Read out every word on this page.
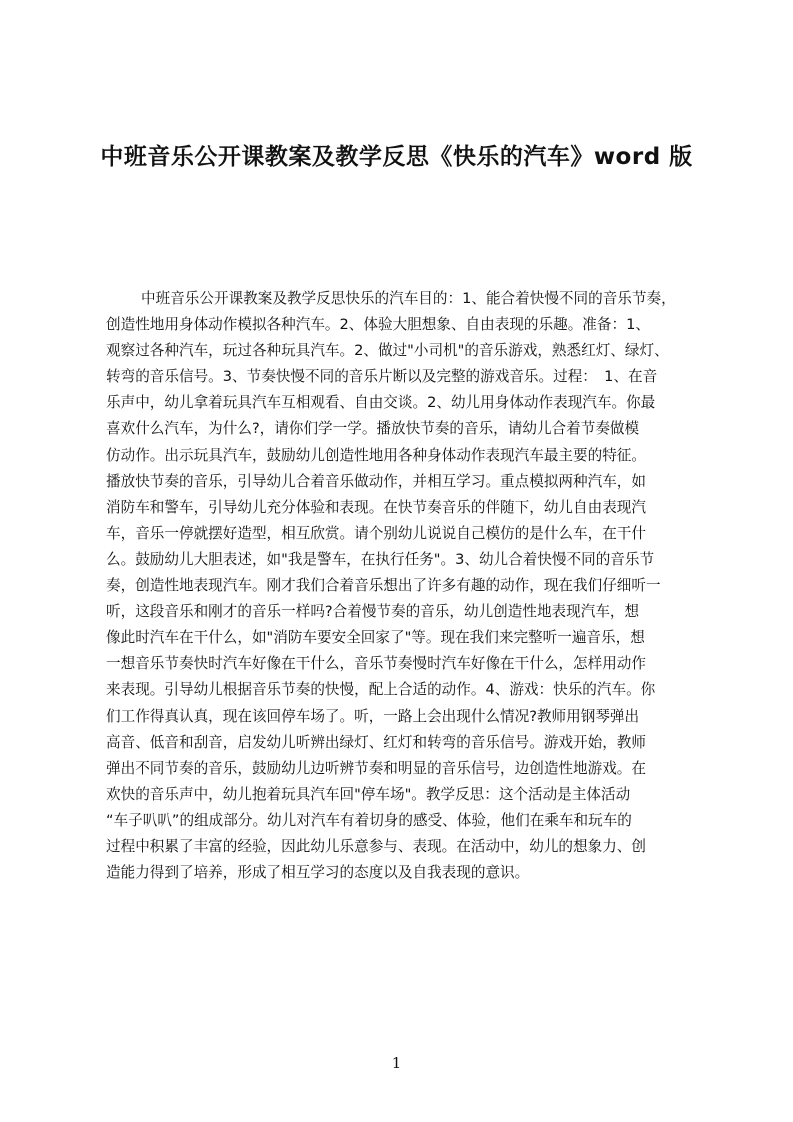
中班音乐公开课教案及教学反思《快乐的汽车》word 版
中班音乐公开课教案及教学反思快乐的汽车目的：1、能合着快慢不同的音乐节奏，
创造性地用身体动作模拟各种汽车。2、体验大胆想象、自由表现的乐趣。准备：1、
观察过各种汽车，玩过各种玩具汽车。2、做过"小司机"的音乐游戏，熟悉红灯、绿灯、
转弯的音乐信号。3、节奏快慢不同的音乐片断以及完整的游戏音乐。过程：　1、在音
乐声中，幼儿拿着玩具汽车互相观看、自由交谈。2、幼儿用身体动作表现汽车。你最
喜欢什么汽车，为什么?，请你们学一学。播放快节奏的音乐，请幼儿合着节奏做模
仿动作。出示玩具汽车，鼓励幼儿创造性地用各种身体动作表现汽车最主要的特征。
播放快节奏的音乐，引导幼儿合着音乐做动作，并相互学习。重点模拟两种汽车，如
消防车和警车，引导幼儿充分体验和表现。在快节奏音乐的伴随下，幼儿自由表现汽
车，音乐一停就摆好造型，相互欣赏。请个别幼儿说说自己模仿的是什么车，在干什
么。鼓励幼儿大胆表述，如"我是警车，在执行任务"。3、幼儿合着快慢不同的音乐节
奏，创造性地表现汽车。刚才我们合着音乐想出了许多有趣的动作，现在我们仔细听一
听，这段音乐和刚才的音乐一样吗?合着慢节奏的音乐，幼儿创造性地表现汽车，想
像此时汽车在干什么，如"消防车要安全回家了"等。现在我们来完整听一遍音乐，想
一想音乐节奏快时汽车好像在干什么，音乐节奏慢时汽车好像在干什么，怎样用动作
来表现。引导幼儿根据音乐节奏的快慢，配上合适的动作。4、游戏：快乐的汽车。你
们工作得真认真，现在该回停车场了。听，一路上会出现什么情况?教师用钢琴弹出
高音、低音和刮音，启发幼儿听辨出绿灯、红灯和转弯的音乐信号。游戏开始，教师
弹出不同节奏的音乐，鼓励幼儿边听辨节奏和明显的音乐信号，边创造性地游戏。在
欢快的音乐声中，幼儿抱着玩具汽车回"停车场"。教学反思：这个活动是主体活动
“车子叭叭”的组成部分。幼儿对汽车有着切身的感受、体验，他们在乘车和玩车的
过程中积累了丰富的经验，因此幼儿乐意参与、表现。在活动中，幼儿的想象力、创
造能力得到了培养，形成了相互学习的态度以及自我表现的意识。
1
